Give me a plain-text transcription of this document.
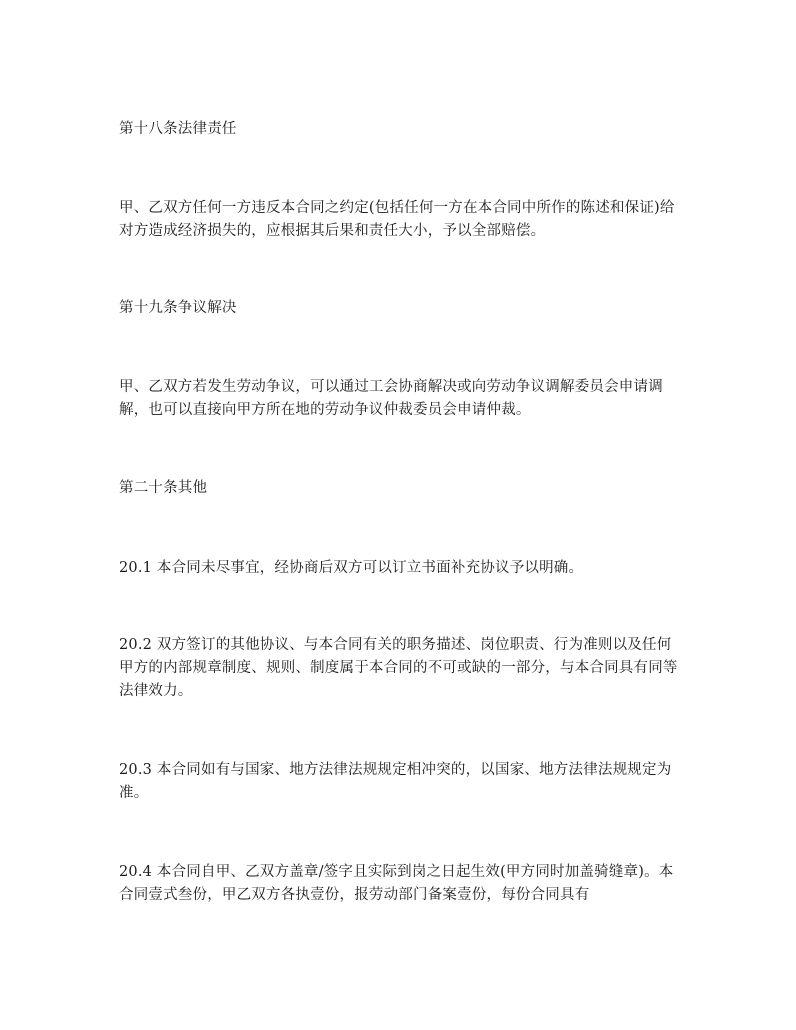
第十八条法律责任

甲、乙双方任何一方违反本合同之约定(包括任何一方在本合同中所作的陈述和保证)给对方造成经济损失的，应根据其后果和责任大小，予以全部赔偿。

第十九条争议解决

甲、乙双方若发生劳动争议，可以通过工会协商解决或向劳动争议调解委员会申请调解，也可以直接向甲方所在地的劳动争议仲裁委员会申请仲裁。

第二十条其他

20.1 本合同未尽事宜，经协商后双方可以订立书面补充协议予以明确。

20.2 双方签订的其他协议、与本合同有关的职务描述、岗位职责、行为准则以及任何甲方的内部规章制度、规则、制度属于本合同的不可或缺的一部分，与本合同具有同等法律效力。

20.3 本合同如有与国家、地方法律法规规定相冲突的，以国家、地方法律法规规定为准。

20.4 本合同自甲、乙双方盖章/签字且实际到岗之日起生效(甲方同时加盖骑缝章)。本合同壹式叁份，甲乙双方各执壹份，报劳动部门备案壹份，每份合同具有
